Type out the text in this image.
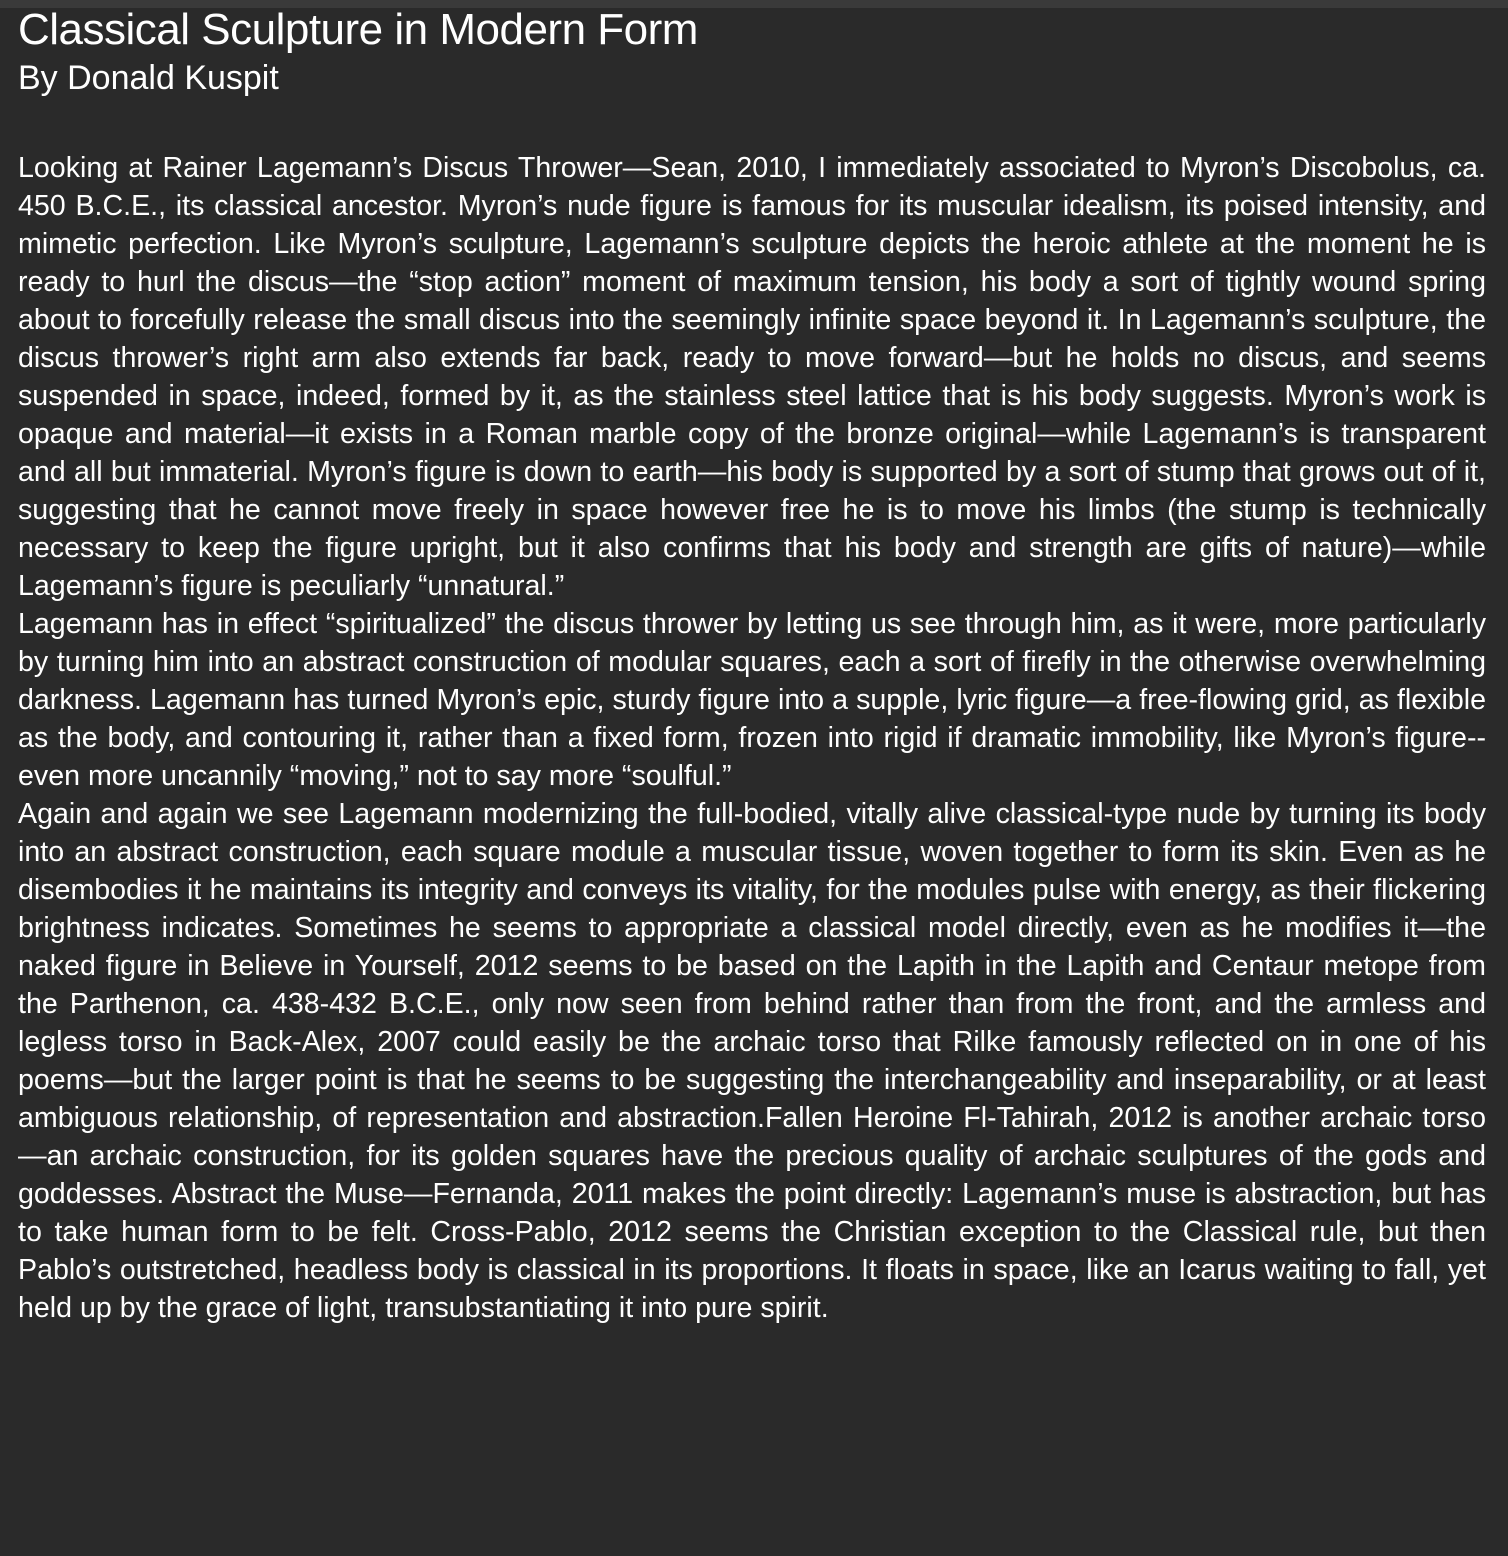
Classical Sculpture in Modern Form
By Donald Kuspit

Looking at Rainer Lagemann’s Discus Thrower—Sean, 2010, I immediately associated to Myron’s Discobolus, ca. 450 B.C.E., its classical ancestor. Myron’s nude figure is famous for its muscular idealism, its poised intensity, and mimetic perfection. Like Myron’s sculpture, Lagemann’s sculpture depicts the heroic athlete at the moment he is ready to hurl the discus—the “stop action” moment of maximum tension, his body a sort of tightly wound spring about to forcefully release the small discus into the seemingly infinite space beyond it. In Lagemann’s sculpture, the discus thrower’s right arm also extends far back, ready to move forward—but he holds no discus, and seems suspended in space, indeed, formed by it, as the stainless steel lattice that is his body suggests. Myron’s work is opaque and material—it exists in a Roman marble copy of the bronze original—while Lagemann’s is transparent and all but immaterial. Myron’s figure is down to earth—his body is supported by a sort of stump that grows out of it, suggesting that he cannot move freely in space however free he is to move his limbs (the stump is technically necessary to keep the figure upright, but it also confirms that his body and strength are gifts of nature)—while Lagemann’s figure is peculiarly “unnatural.”

Lagemann has in effect “spiritualized” the discus thrower by letting us see through him, as it were, more particularly by turning him into an abstract construction of modular squares, each a sort of firefly in the otherwise overwhelming darkness. Lagemann has turned Myron’s epic, sturdy figure into a supple, lyric figure—a free-flowing grid, as flexible as the body, and contouring it, rather than a fixed form, frozen into rigid if dramatic immobility, like Myron’s figure--even more uncannily “moving,” not to say more “soulful.”

Again and again we see Lagemann modernizing the full-bodied, vitally alive classical-type nude by turning its body into an abstract construction, each square module a muscular tissue, woven together to form its skin. Even as he disembodies it he maintains its integrity and conveys its vitality, for the modules pulse with energy, as their flickering brightness indicates. Sometimes he seems to appropriate a classical model directly, even as he modifies it—the naked figure in Believe in Yourself, 2012 seems to be based on the Lapith in the Lapith and Centaur metope from the Parthenon, ca. 438-432 B.C.E., only now seen from behind rather than from the front, and the armless and legless torso in Back-Alex, 2007 could easily be the archaic torso that Rilke famously reflected on in one of his poems—but the larger point is that he seems to be suggesting the interchangeability and inseparability, or at least ambiguous relationship, of representation and abstraction.Fallen Heroine Fl-Tahirah, 2012 is another archaic torso—an archaic construction, for its golden squares have the precious quality of archaic sculptures of the gods and goddesses. Abstract the Muse—Fernanda, 2011 makes the point directly: Lagemann’s muse is abstraction, but has to take human form to be felt. Cross-Pablo, 2012 seems the Christian exception to the Classical rule, but then Pablo’s outstretched, headless body is classical in its proportions. It floats in space, like an Icarus waiting to fall, yet held up by the grace of light, transubstantiating it into pure spirit.
